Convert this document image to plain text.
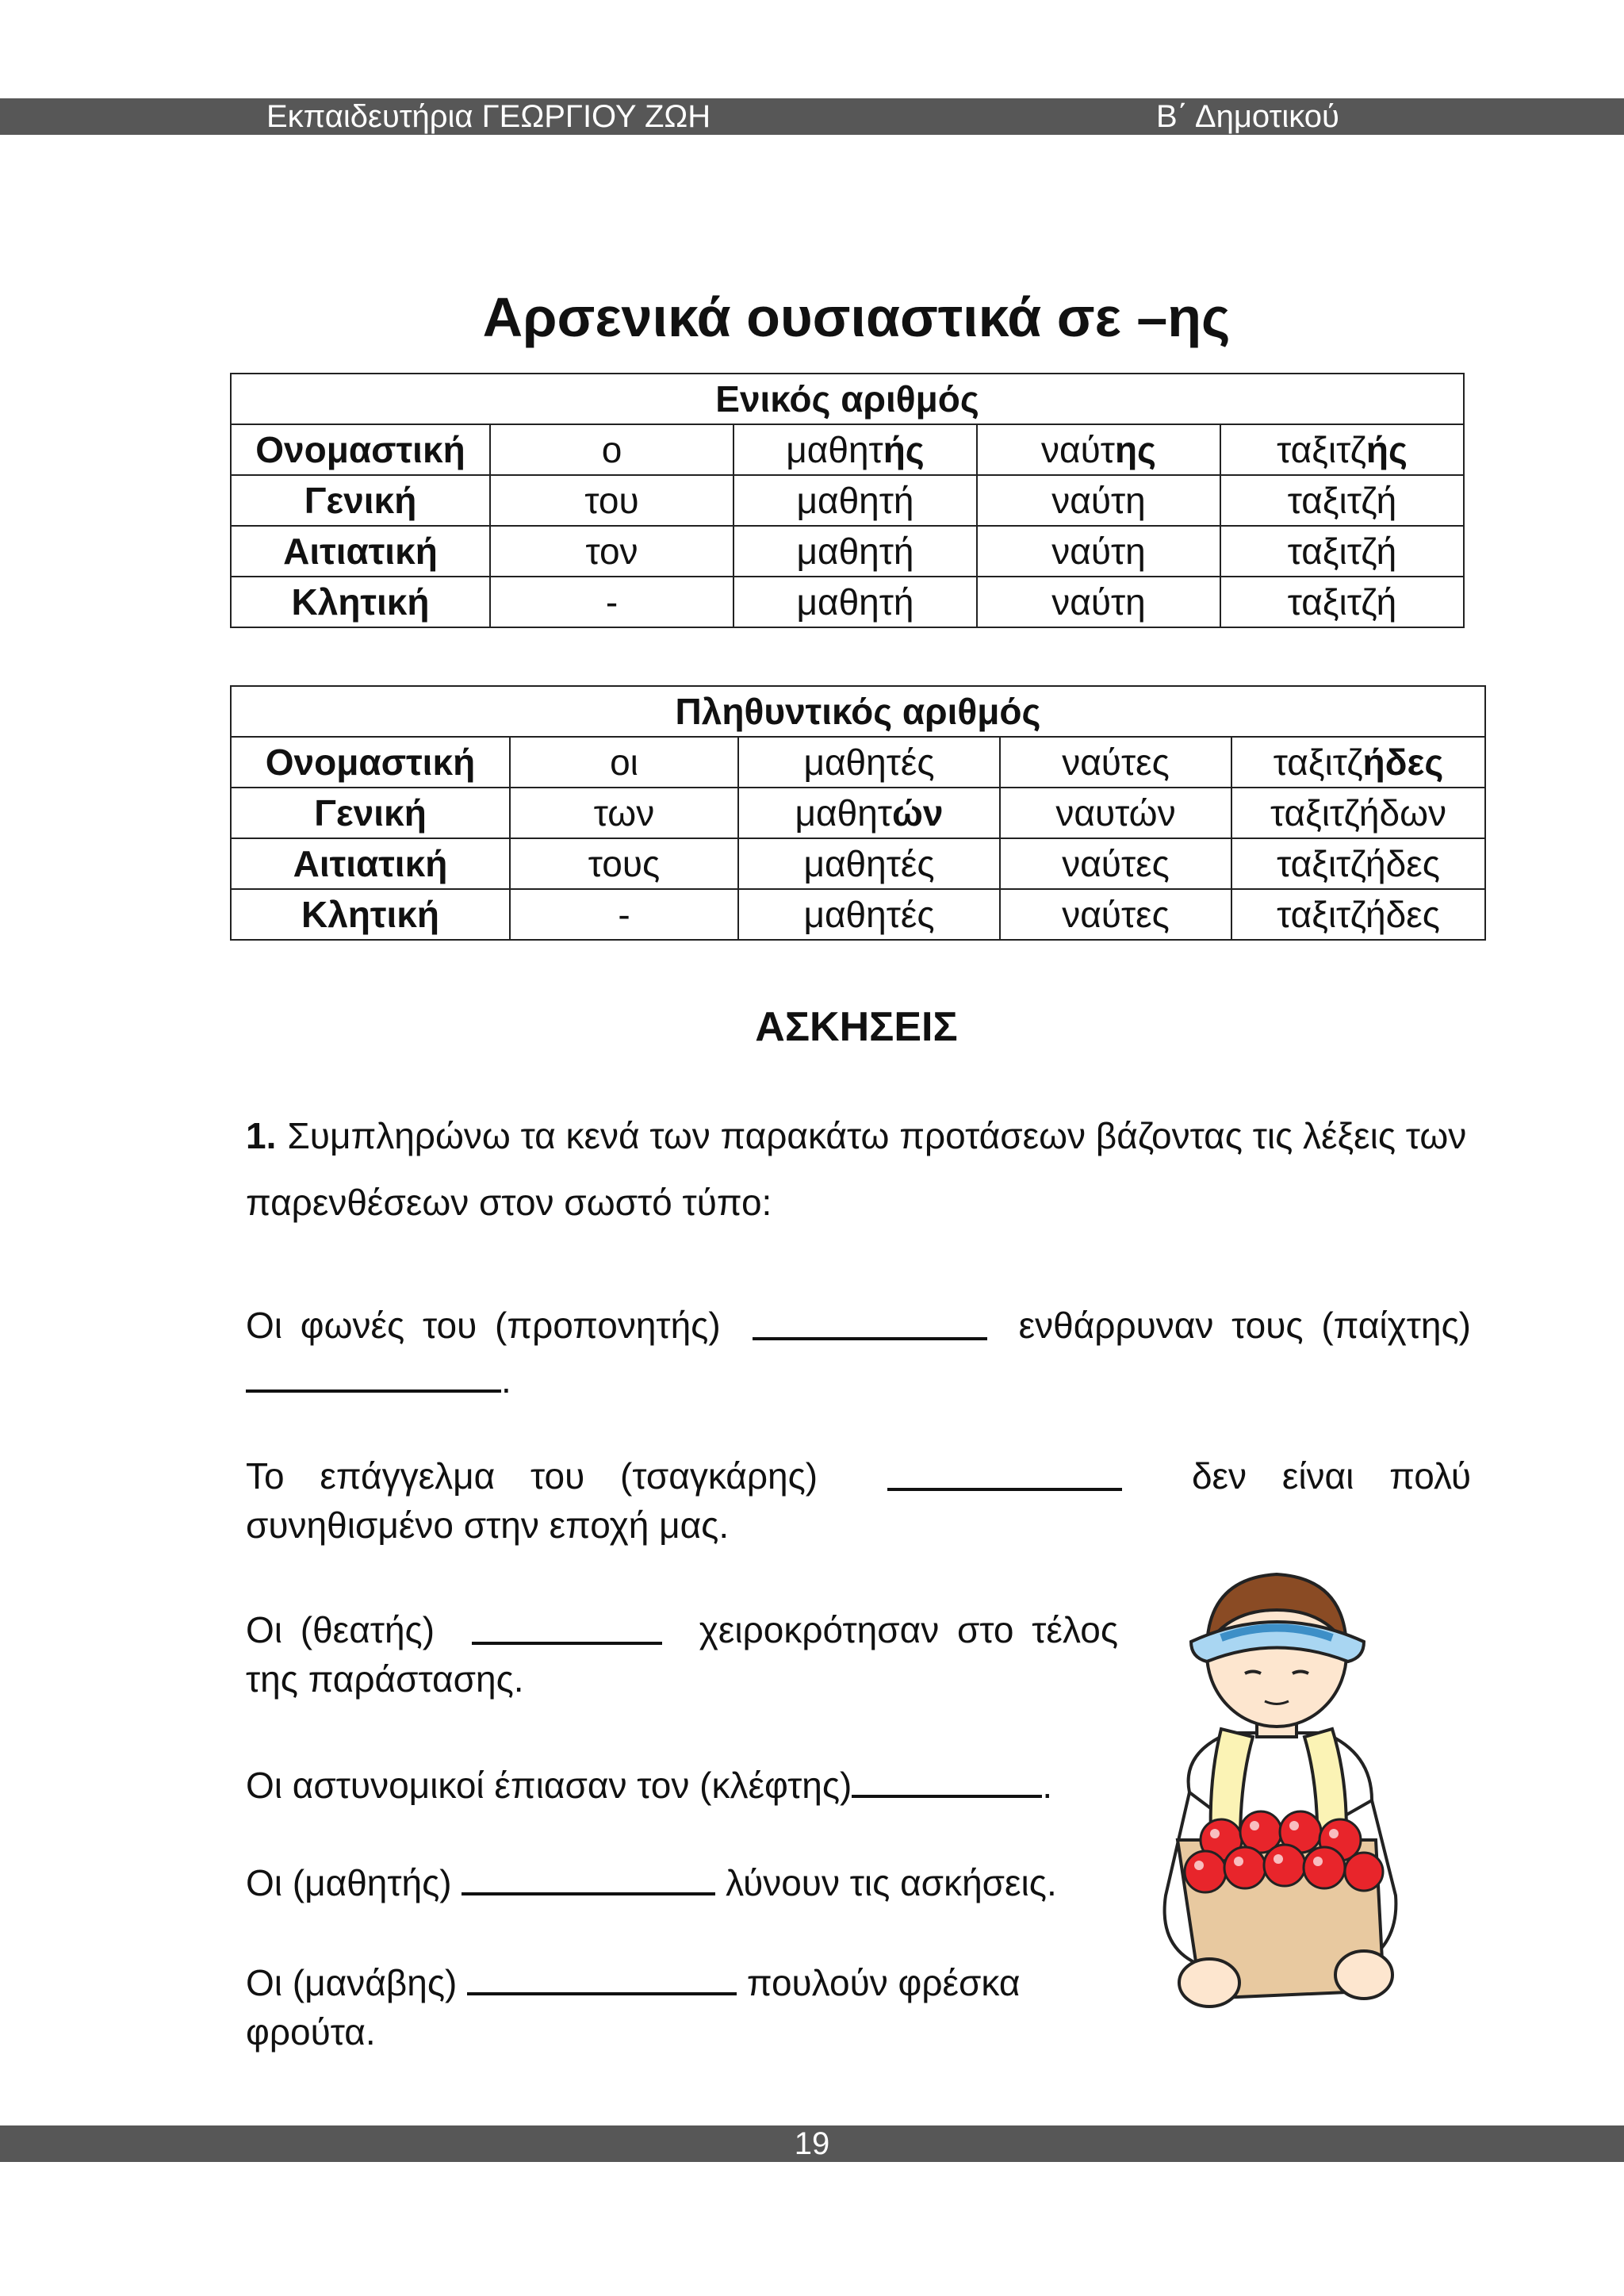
Εκπαιδευτήρια ΓΕΩΡΓΙΟΥ ΖΩΗ	Β΄ Δημοτικού
Αρσενικά ουσιαστικά σε –ης
Ενικός αριθμός				
Ονομαστική	ο	μαθητής	ναύτης	ταξιτζής
Γενική	του	μαθητή	ναύτη	ταξιτζή
Αιτιατική	τον	μαθητή	ναύτη	ταξιτζή
Κλητική	-	μαθητή	ναύτη	ταξιτζή
Πληθυντικός αριθμός				
Ονομαστική	οι	μαθητές	ναύτες	ταξιτζήδες
Γενική	των	μαθητών	ναυτών	ταξιτζήδων
Αιτιατική	τους	μαθητές	ναύτες	ταξιτζήδες
Κλητική	-	μαθητές	ναύτες	ταξιτζήδες
ΑΣΚΗΣΕΙΣ
1. Συμπληρώνω τα κενά των παρακάτω προτάσεων βάζοντας τις λέξεις των παρενθέσεων στον σωστό τύπο:
Οι φωνές του (προπονητής)	ενθάρρυναν τους (παίχτης)
.
Το επάγγελμα του (τσαγκάρης)	δεν είναι πολύ
συνηθισμένο στην εποχή μας.
Οι (θεατής)	χειροκρότησαν στο τέλος
της παράστασης.
Οι αστυνομικοί έπιασαν τον (κλέφτης)	.
Οι (μαθητής)	λύνουν τις ασκήσεις.
Οι (μανάβης)	πουλούν φρέσκα
φρούτα.
19
